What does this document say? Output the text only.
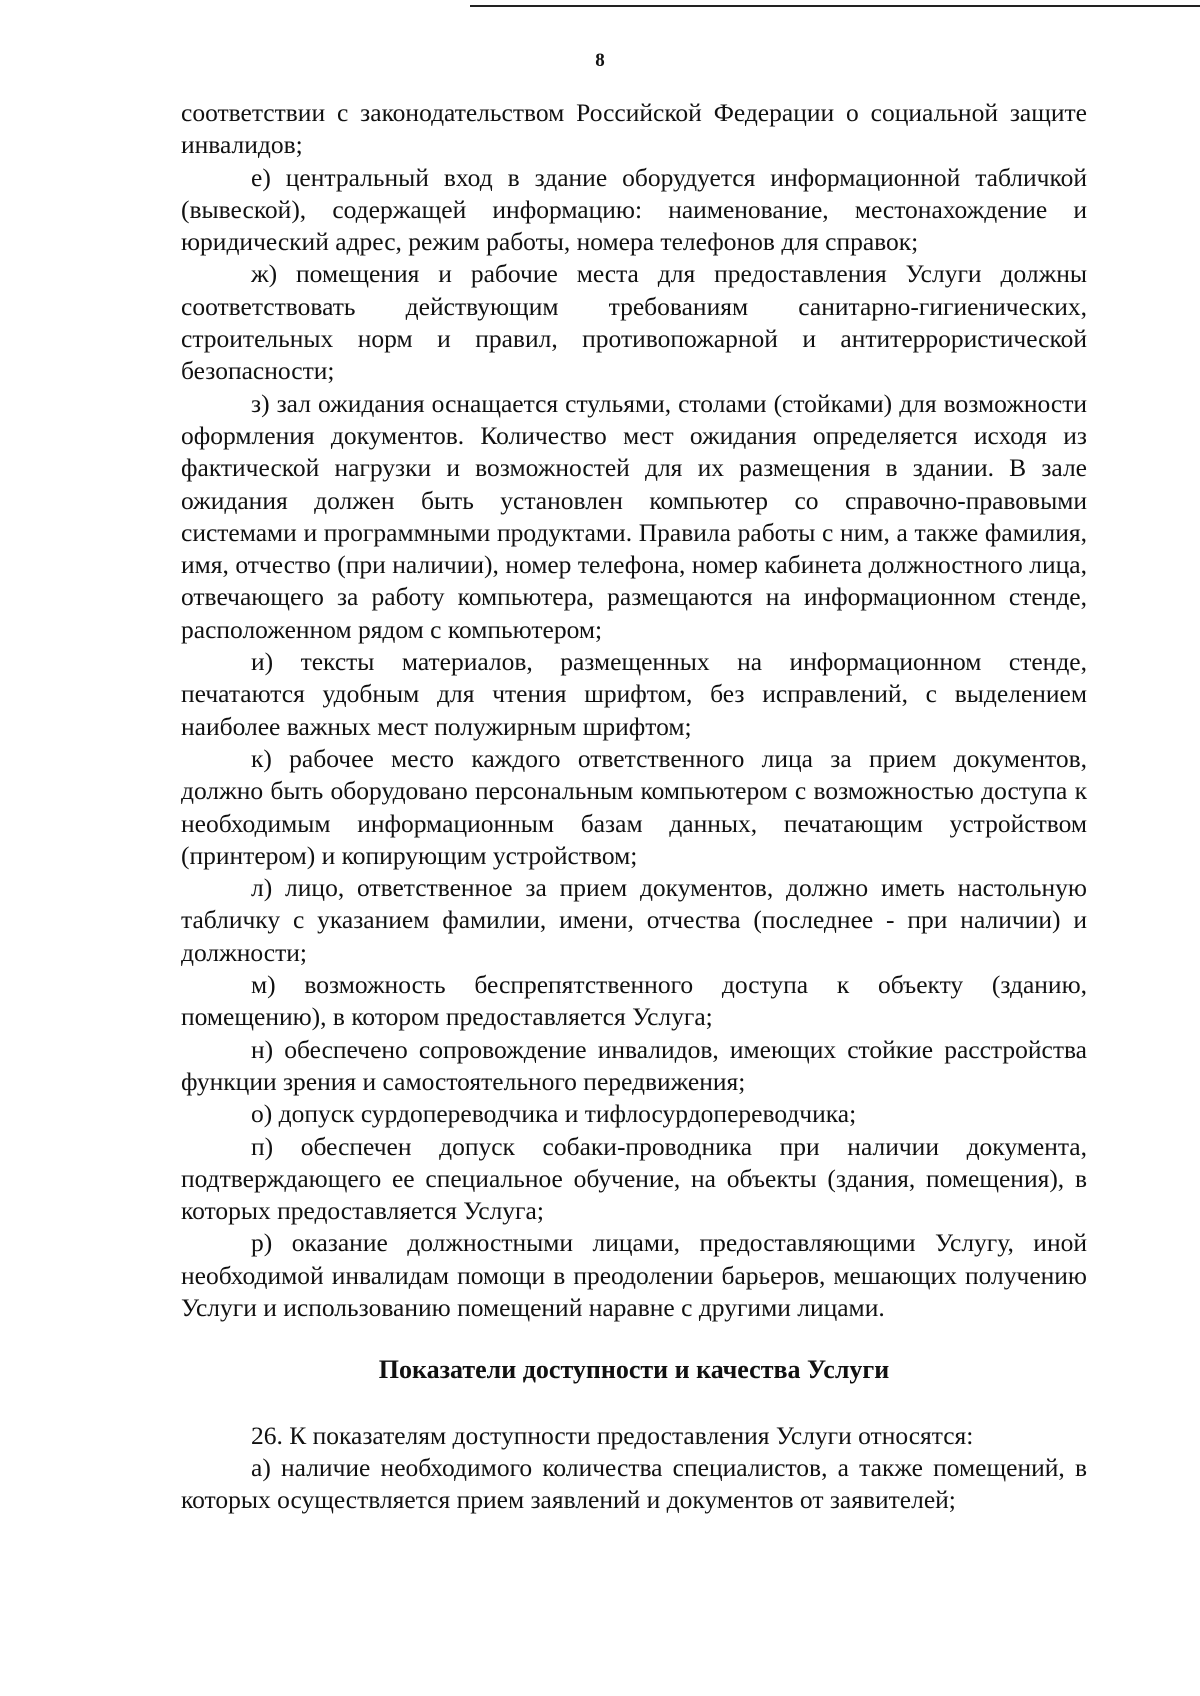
8

соответствии с законодательством Российской Федерации о социальной защите инвалидов;

е) центральный вход в здание оборудуется информационной табличкой (вывеской), содержащей информацию: наименование, местонахождение и юридический адрес, режим работы, номера телефонов для справок;

ж) помещения и рабочие места для предоставления Услуги должны соответствовать действующим требованиям санитарно-гигиенических, строительных норм и правил, противопожарной и антитеррористической безопасности;

з) зал ожидания оснащается стульями, столами (стойками) для возможности оформления документов. Количество мест ожидания определяется исходя из фактической нагрузки и возможностей для их размещения в здании. В зале ожидания должен быть установлен компьютер со справочно-правовыми системами и программными продуктами. Правила работы с ним, а также фамилия, имя, отчество (при наличии), номер телефона, номер кабинета должностного лица, отвечающего за работу компьютера, размещаются на информационном стенде, расположенном рядом с компьютером;

и) тексты материалов, размещенных на информационном стенде, печатаются удобным для чтения шрифтом, без исправлений, с выделением наиболее важных мест полужирным шрифтом;

к) рабочее место каждого ответственного лица за прием документов, должно быть оборудовано персональным компьютером с возможностью доступа к необходимым информационным базам данных, печатающим устройством (принтером) и копирующим устройством;

л) лицо, ответственное за прием документов, должно иметь настольную табличку с указанием фамилии, имени, отчества (последнее - при наличии) и должности;

м) возможность беспрепятственного доступа к объекту (зданию, помещению), в котором предоставляется Услуга;

н) обеспечено сопровождение инвалидов, имеющих стойкие расстройства функции зрения и самостоятельного передвижения;

о) допуск сурдопереводчика и тифлосурдопереводчика;

п) обеспечен допуск собаки-проводника при наличии документа, подтверждающего ее специальное обучение, на объекты (здания, помещения), в которых предоставляется Услуга;

р) оказание должностными лицами, предоставляющими Услугу, иной необходимой инвалидам помощи в преодолении барьеров, мешающих получению Услуги и использованию помещений наравне с другими лицами.

Показатели доступности и качества Услуги

26. К показателям доступности предоставления Услуги относятся:

а) наличие необходимого количества специалистов, а также помещений, в которых осуществляется прием заявлений и документов от заявителей;
